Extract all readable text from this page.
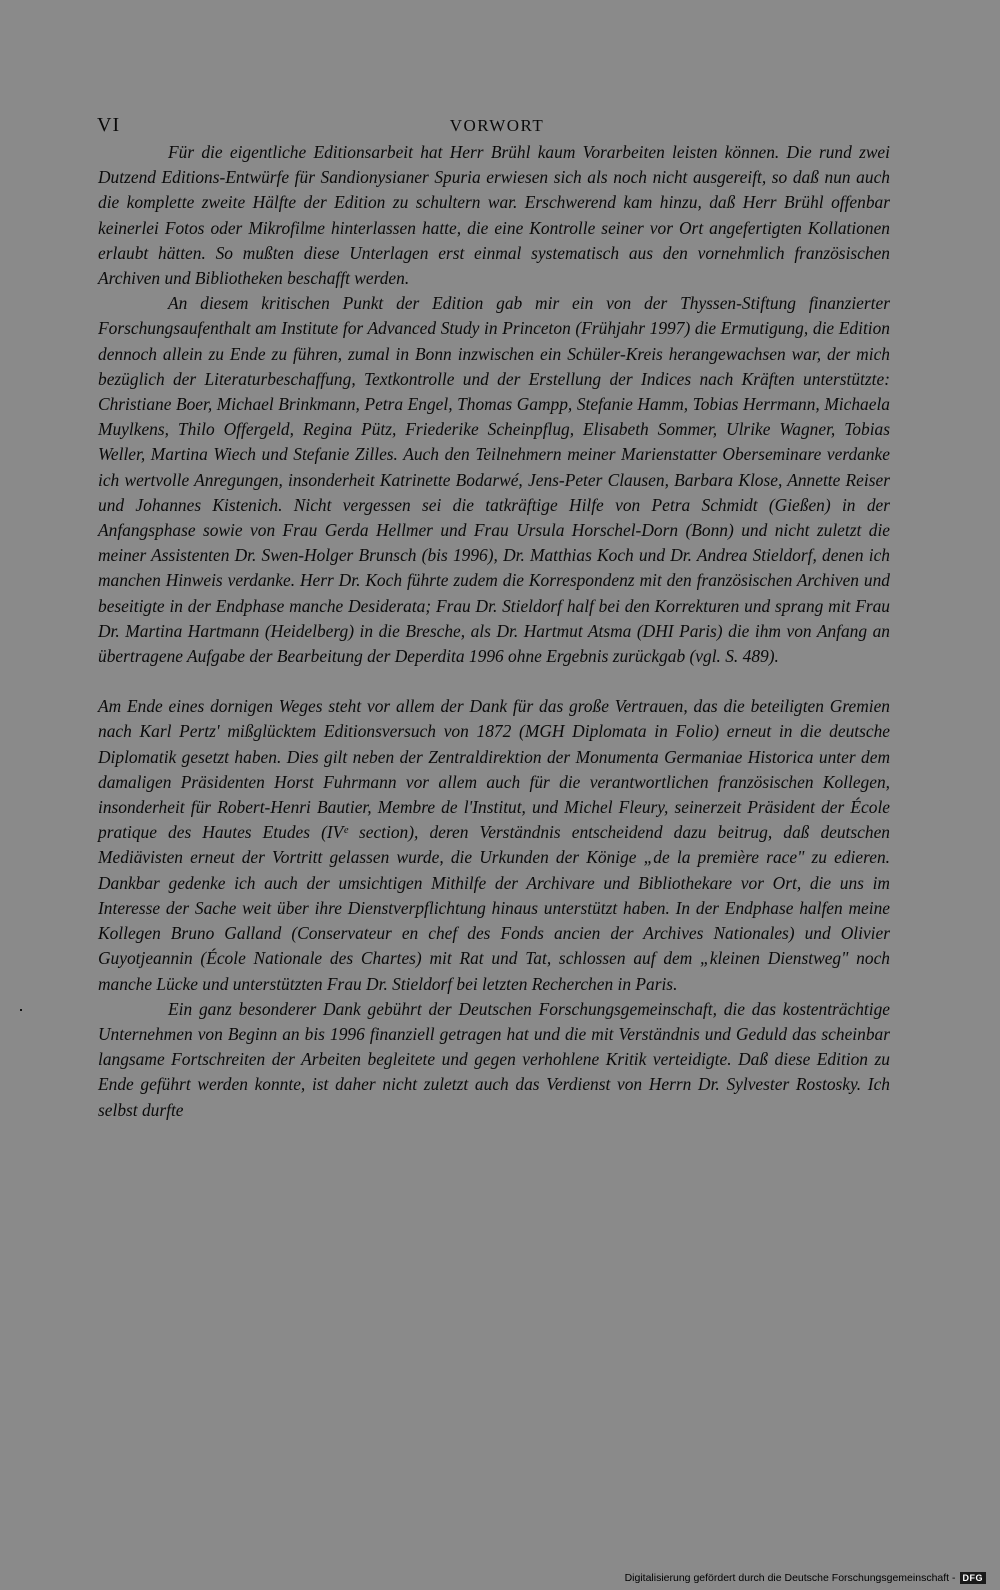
VI	VORWORT

Für die eigentliche Editionsarbeit hat Herr Brühl kaum Vorarbeiten leisten können. Die rund zwei Dutzend Editions-Entwürfe für Sandionysianer Spuria erwiesen sich als noch nicht ausgereift, so daß nun auch die komplette zweite Hälfte der Edition zu schultern war. Erschwerend kam hinzu, daß Herr Brühl offenbar keinerlei Fotos oder Mikrofilme hinterlassen hatte, die eine Kontrolle seiner vor Ort angefertigten Kollationen erlaubt hätten. So mußten diese Unterlagen erst einmal systematisch aus den vornehmlich französischen Archiven und Bibliotheken beschafft werden.

An diesem kritischen Punkt der Edition gab mir ein von der Thyssen-Stiftung finanzierter Forschungsaufenthalt am Institute for Advanced Study in Princeton (Frühjahr 1997) die Ermutigung, die Edition dennoch allein zu Ende zu führen, zumal in Bonn inzwischen ein Schüler-Kreis herangewachsen war, der mich bezüglich der Literaturbeschaffung, Textkontrolle und der Erstellung der Indices nach Kräften unterstützte: Christiane Boer, Michael Brinkmann, Petra Engel, Thomas Gampp, Stefanie Hamm, Tobias Herrmann, Michaela Muylkens, Thilo Offergeld, Regina Pütz, Friederike Scheinpflug, Elisabeth Sommer, Ulrike Wagner, Tobias Weller, Martina Wiech und Stefanie Zilles. Auch den Teilnehmern meiner Marienstatter Oberseminare verdanke ich wertvolle Anregungen, insonderheit Katrinette Bodarwé, Jens-Peter Clausen, Barbara Klose, Annette Reiser und Johannes Kistenich. Nicht vergessen sei die tatkräftige Hilfe von Petra Schmidt (Gießen) in der Anfangsphase sowie von Frau Gerda Hellmer und Frau Ursula Horschel-Dorn (Bonn) und nicht zuletzt die meiner Assistenten Dr. Swen-Holger Brunsch (bis 1996), Dr. Matthias Koch und Dr. Andrea Stieldorf, denen ich manchen Hinweis verdanke. Herr Dr. Koch führte zudem die Korrespondenz mit den französischen Archiven und beseitigte in der Endphase manche Desiderata; Frau Dr. Stieldorf half bei den Korrekturen und sprang mit Frau Dr. Martina Hartmann (Heidelberg) in die Bresche, als Dr. Hartmut Atsma (DHI Paris) die ihm von Anfang an übertragene Aufgabe der Bearbeitung der Deperdita 1996 ohne Ergebnis zurückgab (vgl. S. 489).

Am Ende eines dornigen Weges steht vor allem der Dank für das große Vertrauen, das die beteiligten Gremien nach Karl Pertz' mißglücktem Editionsversuch von 1872 (MGH Diplomata in Folio) erneut in die deutsche Diplomatik gesetzt haben. Dies gilt neben der Zentraldirektion der Monumenta Germaniae Historica unter dem damaligen Präsidenten Horst Fuhrmann vor allem auch für die verantwortlichen französischen Kollegen, insonderheit für Robert-Henri Bautier, Membre de l'Institut, und Michel Fleury, seinerzeit Präsident der École pratique des Hautes Etudes (IVᵉ section), deren Verständnis entscheidend dazu beitrug, daß deutschen Mediävisten erneut der Vortritt gelassen wurde, die Urkunden der Könige „de la première race" zu edieren. Dankbar gedenke ich auch der umsichtigen Mithilfe der Archivare und Bibliothekare vor Ort, die uns im Interesse der Sache weit über ihre Dienstverpflichtung hinaus unterstützt haben. In der Endphase halfen meine Kollegen Bruno Galland (Conservateur en chef des Fonds ancien der Archives Nationales) und Olivier Guyotjeannin (École Nationale des Chartes) mit Rat und Tat, schlossen auf dem „kleinen Dienstweg" noch manche Lücke und unterstützten Frau Dr. Stieldorf bei letzten Recherchen in Paris.

Ein ganz besonderer Dank gebührt der Deutschen Forschungsgemeinschaft, die das kostenträchtige Unternehmen von Beginn an bis 1996 finanziell getragen hat und die mit Verständnis und Geduld das scheinbar langsame Fortschreiten der Arbeiten begleitete und gegen verhohlene Kritik verteidigte. Daß diese Edition zu Ende geführt werden konnte, ist daher nicht zuletzt auch das Verdienst von Herrn Dr. Sylvester Rostosky. Ich selbst durfte

Digitalisierung gefördert durch die Deutsche Forschungsgemeinschaft - DFG
